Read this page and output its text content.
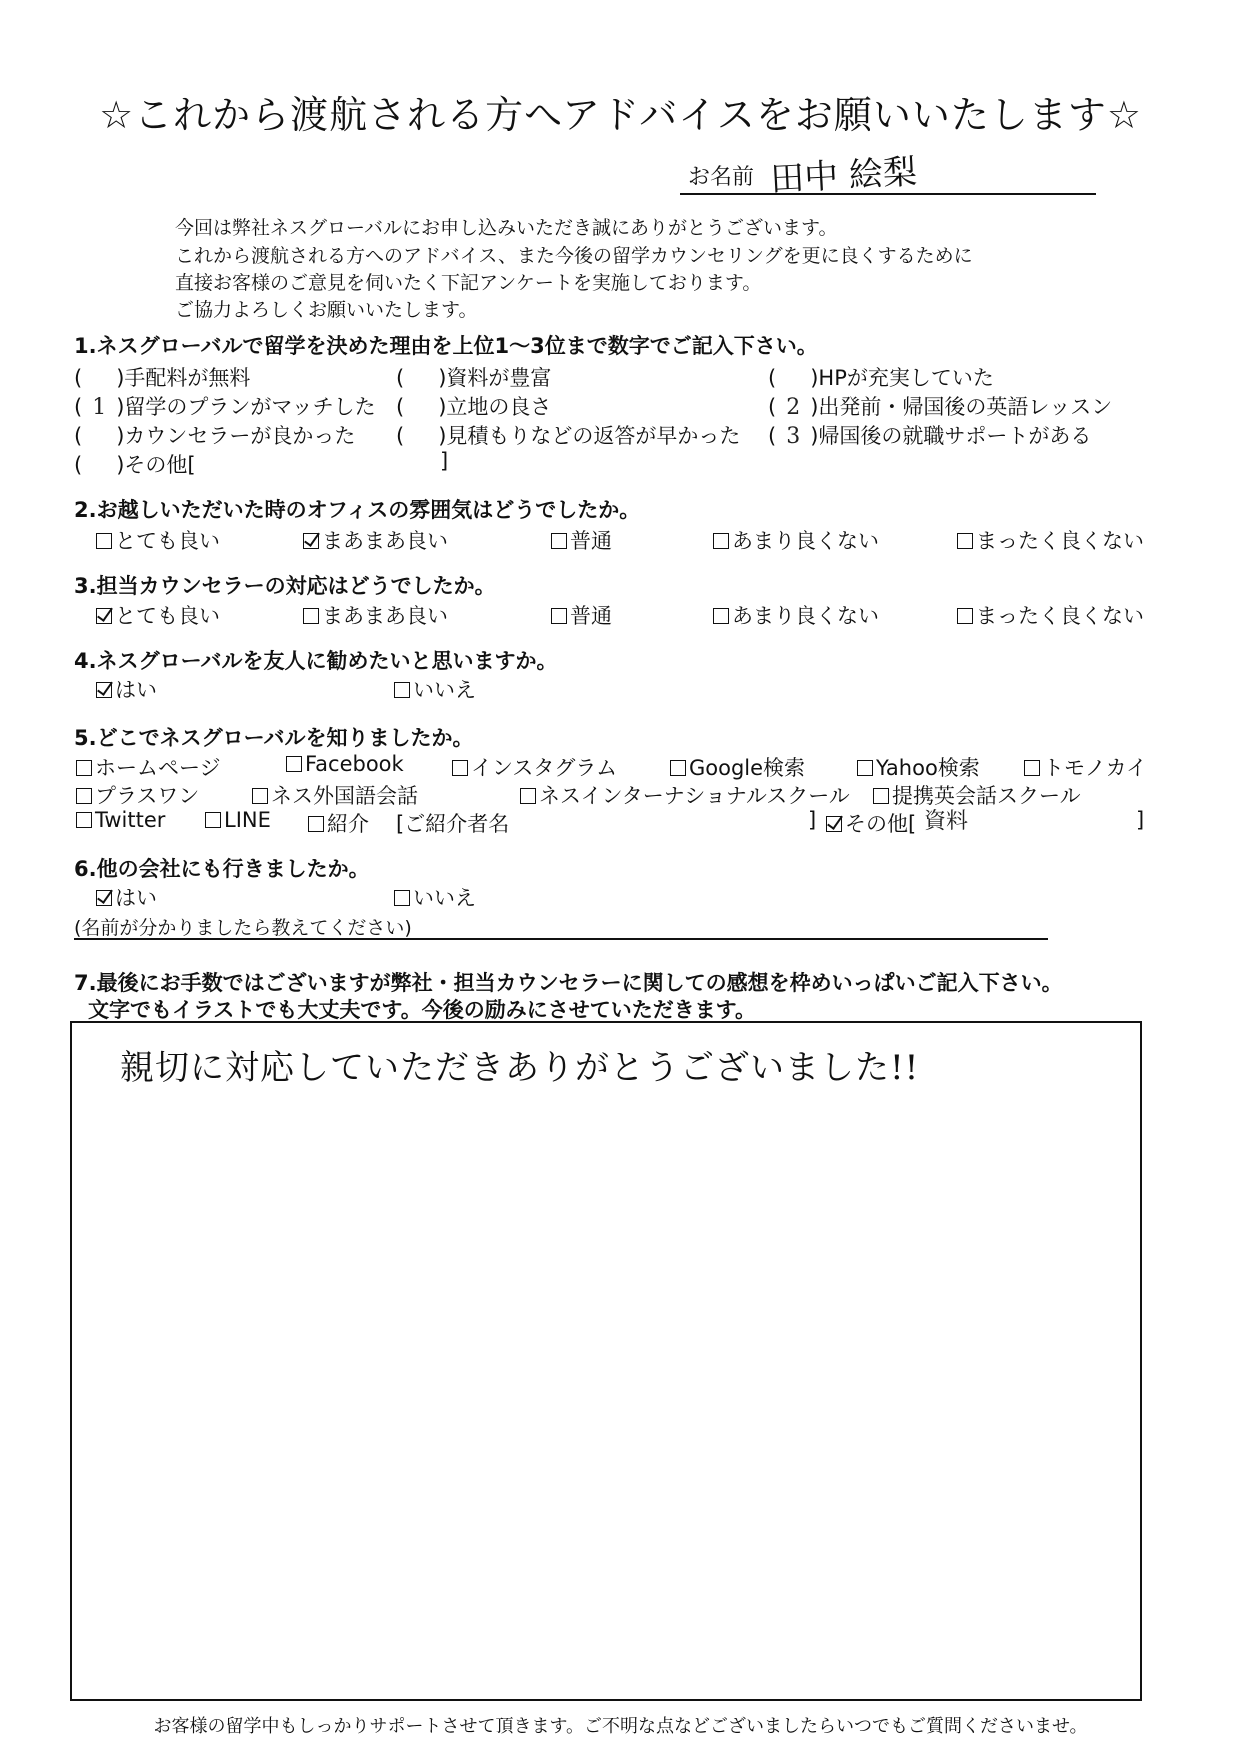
☆これから渡航される方へアドバイスをお願いいたします☆
お名前 田中 絵梨
今回は弊社ネスグローバルにお申し込みいただき誠にありがとうございます。
これから渡航される方へのアドバイス、また今後の留学カウンセリングを更に良くするために
直接お客様のご意見を伺いたく下記アンケートを実施しております。
ご協力よろしくお願いいたします。
1.ネスグローバルで留学を決めた理由を上位1～3位まで数字でご記入下さい。
( )手配料が無料	( )資料が豊富	( )HPが充実していた
( 1 )留学のプランがマッチした ( )立地の良さ	( 2 )出発前・帰国後の英語レッスン
( )カウンセラーが良かった ( )見積もりなどの返答が早かった ( 3 )帰国後の就職サポートがある
( )その他[	]
2.お越しいただいた時のオフィスの雰囲気はどうでしたか。
とても良い	まあまあ良い	普通	あまり良くない	まったく良くない
3.担当カウンセラーの対応はどうでしたか。
とても良い	まあまあ良い	普通	あまり良くない	まったく良くない
4.ネスグローバルを友人に勧めたいと思いますか。
はい	いいえ
5.どこでネスグローバルを知りましたか。
ホームページ	Facebook	インスタグラム	Google検索	Yahoo検索	トモノカイ
プラスワン	ネス外国語会話	ネスインターナショナルスクール	提携英会話スクール
Twitter	LINE	紹介 [ご紹介者名	]	その他[ 資料	]
6.他の会社にも行きましたか。
はい	いいえ
(名前が分かりましたら教えてください)
7.最後にお手数ではございますが弊社・担当カウンセラーに関しての感想を枠めいっぱいご記入下さい。
文字でもイラストでも大丈夫です。今後の励みにさせていただきます。
親切に対応していただきありがとうございました!!
お客様の留学中もしっかりサポートさせて頂きます。ご不明な点などございましたらいつでもご質問くださいませ。
